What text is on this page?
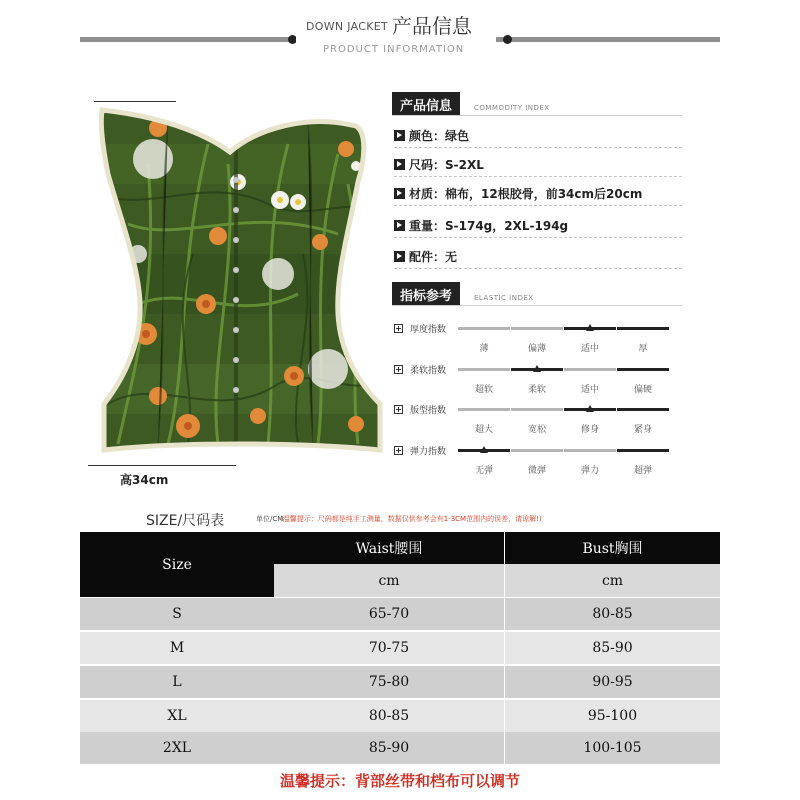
DOWN JACKET 产品信息
PRODUCT INFORMATION
高34cm
产品信息	COMMODITY INDEX
颜色：绿色
尺码：S-2XL
材质：棉布，12根胶骨，前34cm后20cm
重量：S-174g，2XL-194g
配件：无
指标参考	ELASTIC INDEX
+ 厚度指数
薄	偏薄	适中	厚
+ 柔软指数
超软	柔软	适中	偏硬
+ 版型指数
超大	宽松	修身	紧身
+ 弹力指数
无弹	微弹	弹力	超弹
SIZE/尺码表	单位/CM
(温馨提示：尺码都是纯手工测量，数据仅供参考会有1-3CM范围内的误差，请谅解!)
Size
Waist腰围	Bust胸围
cm	cm
S	65-70	80-85
M	70-75	85-90
L	75-80	90-95
XL	80-85	95-100
2XL	85-90	100-105
温馨提示：背部丝带和档布可以调节
